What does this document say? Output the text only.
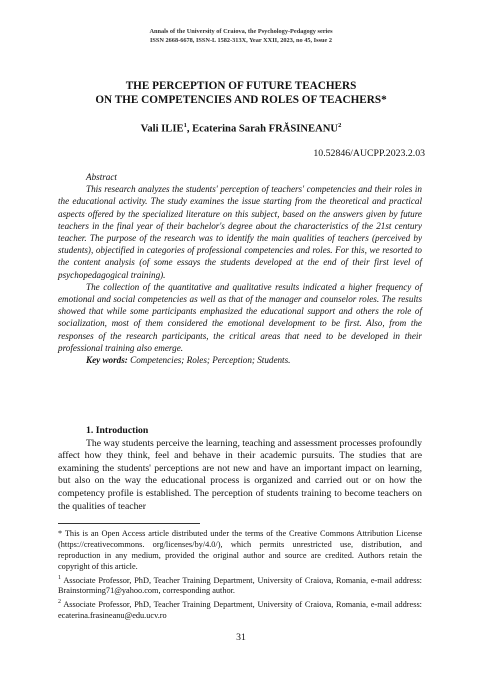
Annals of the University of Craiova, the Psychology-Pedagogy series
ISSN 2668-6678, ISSN-L 1582-313X, Year XXII, 2023, no 45, Issue 2
THE PERCEPTION OF FUTURE TEACHERS
ON THE COMPETENCIES AND ROLES OF TEACHERS*
Vali ILIE$^1$, Ecaterina Sarah FRĂSINEANU$^2$
10.52846/AUCPP.2023.2.03

Abstract

This research analyzes the students' perception of teachers' competencies and their roles in the educational activity. The study examines the issue starting from the theoretical and practical aspects offered by the specialized literature on this subject, based on the answers given by future teachers in the final year of their bachelor's degree about the characteristics of the 21st century teacher. The purpose of the research was to identify the main qualities of teachers (perceived by students), objectified in categories of professional competencies and roles. For this, we resorted to the content analysis (of some essays the students developed at the end of their first level of psychopedagogical training).

The collection of the quantitative and qualitative results indicated a higher frequency of emotional and social competencies as well as that of the manager and counselor roles. The results showed that while some participants emphasized the educational support and others the role of socialization, most of them considered the emotional development to be first. Also, from the responses of the research participants, the critical areas that need to be developed in their professional training also emerge.

Key words: Competencies; Roles; Perception; Students.

1. Introduction

The way students perceive the learning, teaching and assessment processes profoundly affect how they think, feel and behave in their academic pursuits. The studies that are examining the students' perceptions are not new and have an important impact on learning, but also on the way the educational process is organized and carried out or on how the competency profile is established. The perception of students training to become teachers on the qualities of teacher

* This is an Open Access article distributed under the terms of the Creative Commons Attribution License (https://creativecommons. org/licenses/by/4.0/), which permits unrestricted use, distribution, and reproduction in any medium, provided the original author and source are credited. Authors retain the copyright of this article.

$^1$ Associate Professor, PhD, Teacher Training Department, University of Craiova, Romania, e-mail address: Brainstorming71@yahoo.com, corresponding author.

$^2$ Associate Professor, PhD, Teacher Training Department, University of Craiova, Romania, e-mail address: ecaterina.frasineanu@edu.ucv.ro

31
